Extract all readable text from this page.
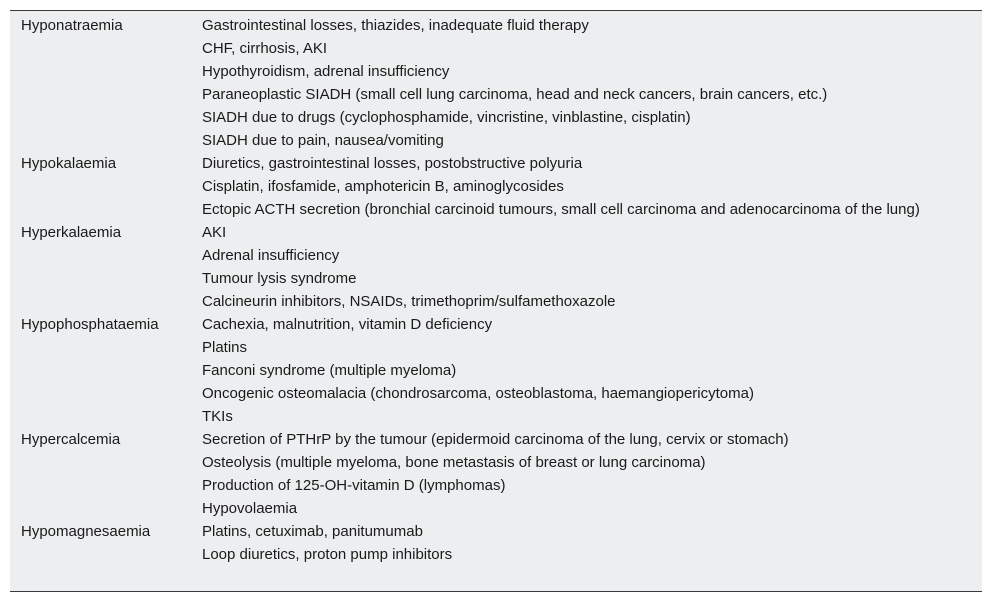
Hyponatraemia	Gastrointestinal losses, thiazides, inadequate fluid therapy
CHF, cirrhosis, AKI
Hypothyroidism, adrenal insufficiency
Paraneoplastic SIADH (small cell lung carcinoma, head and neck cancers, brain cancers, etc.)
SIADH due to drugs (cyclophosphamide, vincristine, vinblastine, cisplatin)
SIADH due to pain, nausea/vomiting
Hypokalaemia	Diuretics, gastrointestinal losses, postobstructive polyuria
Cisplatin, ifosfamide, amphotericin B, aminoglycosides
Ectopic ACTH secretion (bronchial carcinoid tumours, small cell carcinoma and adenocarcinoma of the lung)
Hyperkalaemia	AKI
Adrenal insufficiency
Tumour lysis syndrome
Calcineurin inhibitors, NSAIDs, trimethoprim/sulfamethoxazole
Hypophosphataemia	Cachexia, malnutrition, vitamin D deficiency
Platins
Fanconi syndrome (multiple myeloma)
Oncogenic osteomalacia (chondrosarcoma, osteoblastoma, haemangiopericytoma)
TKIs
Hypercalcemia	Secretion of PTHrP by the tumour (epidermoid carcinoma of the lung, cervix or stomach)
Osteolysis (multiple myeloma, bone metastasis of breast or lung carcinoma)
Production of 125-OH-vitamin D (lymphomas)
Hypovolaemia
Hypomagnesaemia	Platins, cetuximab, panitumumab
Loop diuretics, proton pump inhibitors
